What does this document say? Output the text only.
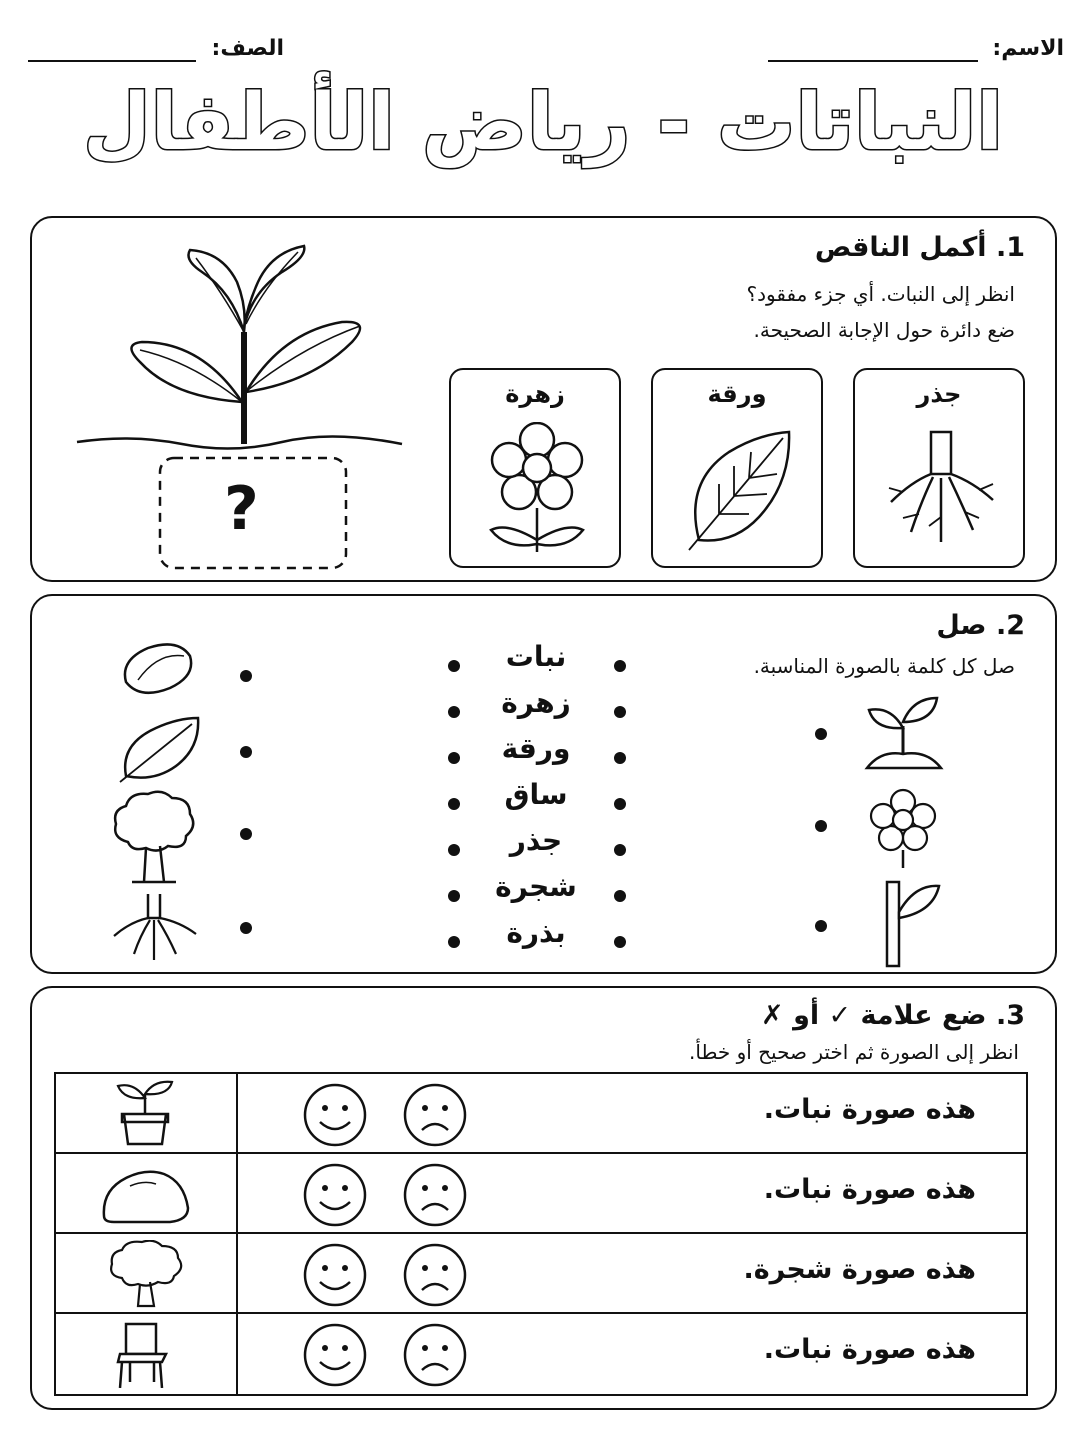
الاسم:
الصف:
النباتات - رياض الأطفال
1. أكمل الناقص
انظر إلى النبات. أي جزء مفقود؟
ضع دائرة حول الإجابة الصحيحة.
?
جذر
ورقة
زهرة
2. صل
صل كل كلمة بالصورة المناسبة.
نبات
زهرة
ورقة
ساق
جذر
شجرة
بذرة
3. ضع علامة ✓ أو ✗
انظر إلى الصورة ثم اختر صحيح أو خطأ.
هذه صورة نبات.
هذه صورة نبات.
هذه صورة شجرة.
هذه صورة نبات.
